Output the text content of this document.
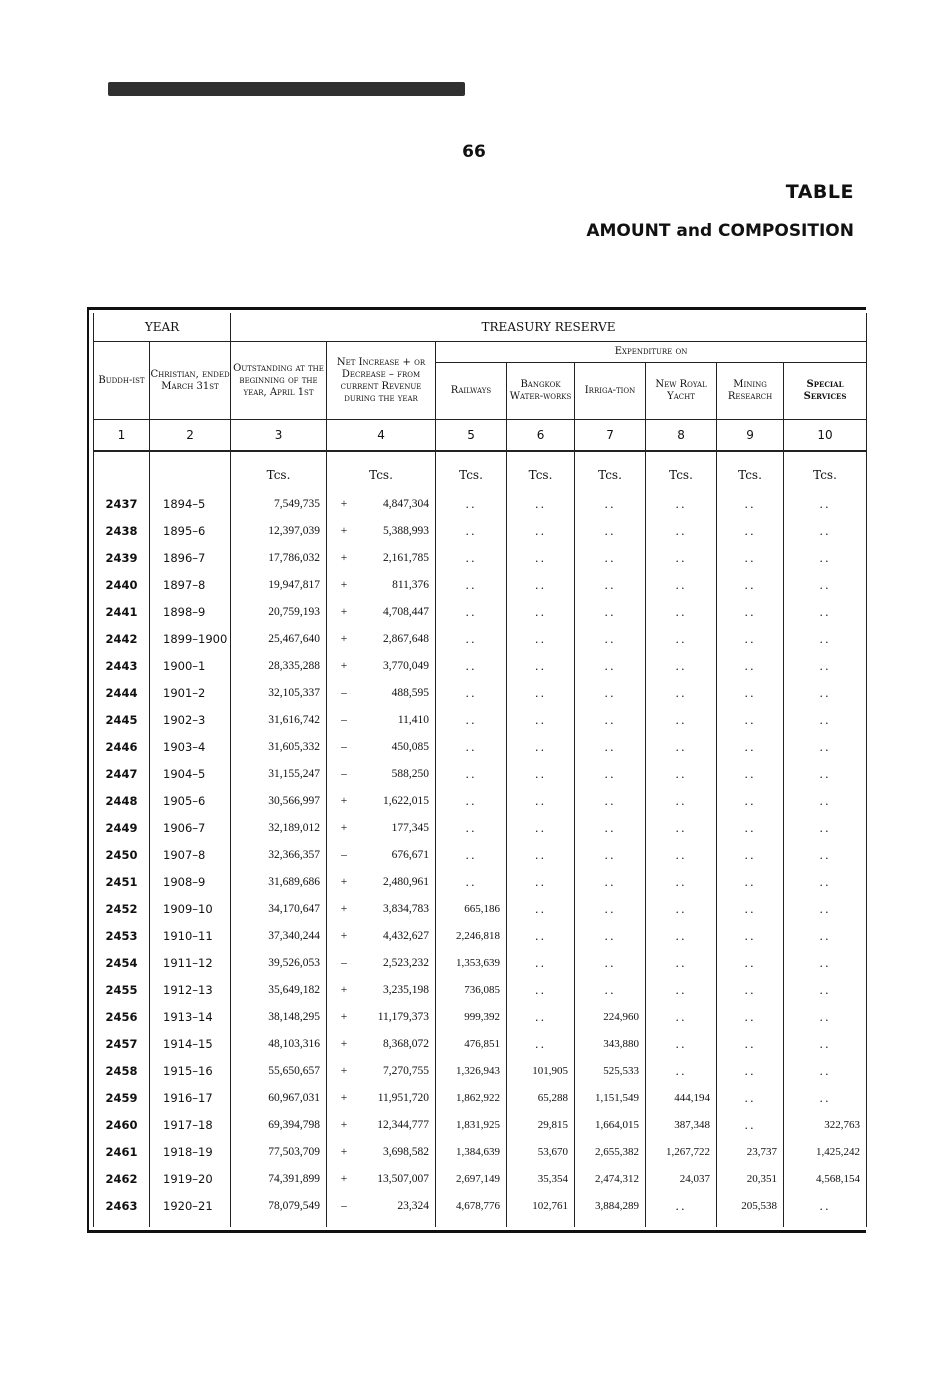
66
TABLE
AMOUNT and COMPOSITION
YEAR		TREASURY RESERVE							
Buddh-ist	Christian, ended March 31st	Outstanding at the beginning of the year, April 1st	Net Increase + or Decrease – from current Revenue during the year	Expenditure on					
				Railways	Bangkok Water-works	Irriga-tion	New Royal Yacht	Mining Research	Special Services
1	2	3	4	5	6	7	8	9	10

		Tcs.	Tcs.	Tcs.	Tcs.	Tcs.	Tcs.	Tcs.	Tcs.
2437	1894–5	7,549,735	+ 4,847,304	..	..	..	..	..	..
2438	1895–6	12,397,039	+ 5,388,993	..	..	..	..	..	..
2439	1896–7	17,786,032	+ 2,161,785	..	..	..	..	..	..
2440	1897–8	19,947,817	+ 811,376	..	..	..	..	..	..
2441	1898–9	20,759,193	+ 4,708,447	..	..	..	..	..	..
2442	1899–1900	25,467,640	+ 2,867,648	..	..	..	..	..	..
2443	1900–1	28,335,288	+ 3,770,049	..	..	..	..	..	..
2444	1901–2	32,105,337	– 488,595	..	..	..	..	..	..
2445	1902–3	31,616,742	– 11,410	..	..	..	..	..	..
2446	1903–4	31,605,332	– 450,085	..	..	..	..	..	..
2447	1904–5	31,155,247	– 588,250	..	..	..	..	..	..
2448	1905–6	30,566,997	+ 1,622,015	..	..	..	..	..	..
2449	1906–7	32,189,012	+ 177,345	..	..	..	..	..	..
2450	1907–8	32,366,357	– 676,671	..	..	..	..	..	..
2451	1908–9	31,689,686	+ 2,480,961	..	..	..	..	..	..
2452	1909–10	34,170,647	+ 3,834,783	665,186	..	..	..	..	..
2453	1910–11	37,340,244	+ 4,432,627	2,246,818	..	..	..	..	..
2454	1911–12	39,526,053	– 2,523,232	1,353,639	..	..	..	..	..
2455	1912–13	35,649,182	+ 3,235,198	736,085	..	..	..	..	..
2456	1913–14	38,148,295	+ 11,179,373	999,392	..	224,960	..	..	..
2457	1914–15	48,103,316	+ 8,368,072	476,851	..	343,880	..	..	..
2458	1915–16	55,650,657	+ 7,270,755	1,326,943	101,905	525,533	..	..	..
2459	1916–17	60,967,031	+ 11,951,720	1,862,922	65,288	1,151,549	444,194	..	..
2460	1917–18	69,394,798	+ 12,344,777	1,831,925	29,815	1,664,015	387,348	..	322,763
2461	1918–19	77,503,709	+ 3,698,582	1,384,639	53,670	2,655,382	1,267,722	23,737	1,425,242
2462	1919–20	74,391,899	+ 13,507,007	2,697,149	35,354	2,474,312	24,037	20,351	4,568,154
2463	1920–21	78,079,549	– 23,324	4,678,776	102,761	3,884,289	..	205,538	..
